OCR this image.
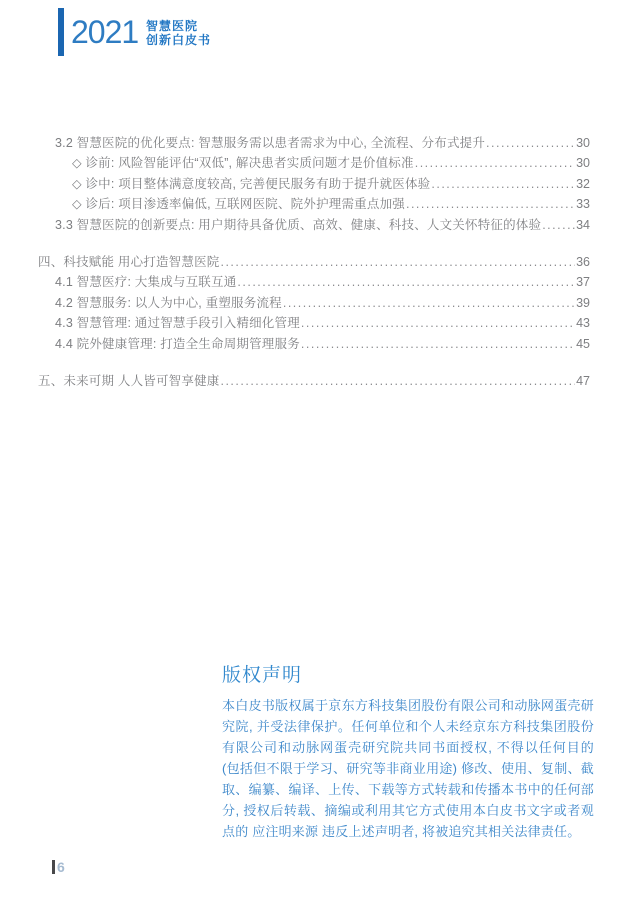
2021 智慧医院
创新白皮书
3.2 智慧医院的优化要点: 智慧服务需以患者需求为中心, 全流程、分布式提升 .....	30
◇ 诊前: 风险智能评估“双低”, 解决患者实质问题才是价值标准 .....	30
◇ 诊中: 项目整体满意度较高, 完善便民服务有助于提升就医体验 .....	32
◇ 诊后: 项目渗透率偏低, 互联网医院、院外护理需重点加强 .....	33
3.3 智慧医院的创新要点: 用户期待具备优质、高效、健康、科技、人文关怀特征的体验 .....	34
四、科技赋能 用心打造智慧医院 .....	36
4.1 智慧医疗: 大集成与互联互通 .....	37
4.2 智慧服务: 以人为中心, 重塑服务流程 .....	39
4.3 智慧管理: 通过智慧手段引入精细化管理 .....	43
4.4 院外健康管理: 打造全生命周期管理服务 .....	45
五、未来可期 人人皆可智享健康 .....	47
版权声明

本白皮书版权属于京东方科技集团股份有限公司和动脉网蛋壳研究院, 并受法律保护。任何单位和个人未经京东方科技集团股份有限公司和动脉网蛋壳研究院共同书面授权, 不得以任何目的 (包括但不限于学习、研究等非商业用途) 修改、使用、复制、截取、编纂、编译、上传、下载等方式转载和传播本书中的任何部分, 授权后转载、摘编或利用其它方式使用本白皮书文字或者观点的 应注明来源 违反上述声明者, 将被追究其相关法律责任。

6
